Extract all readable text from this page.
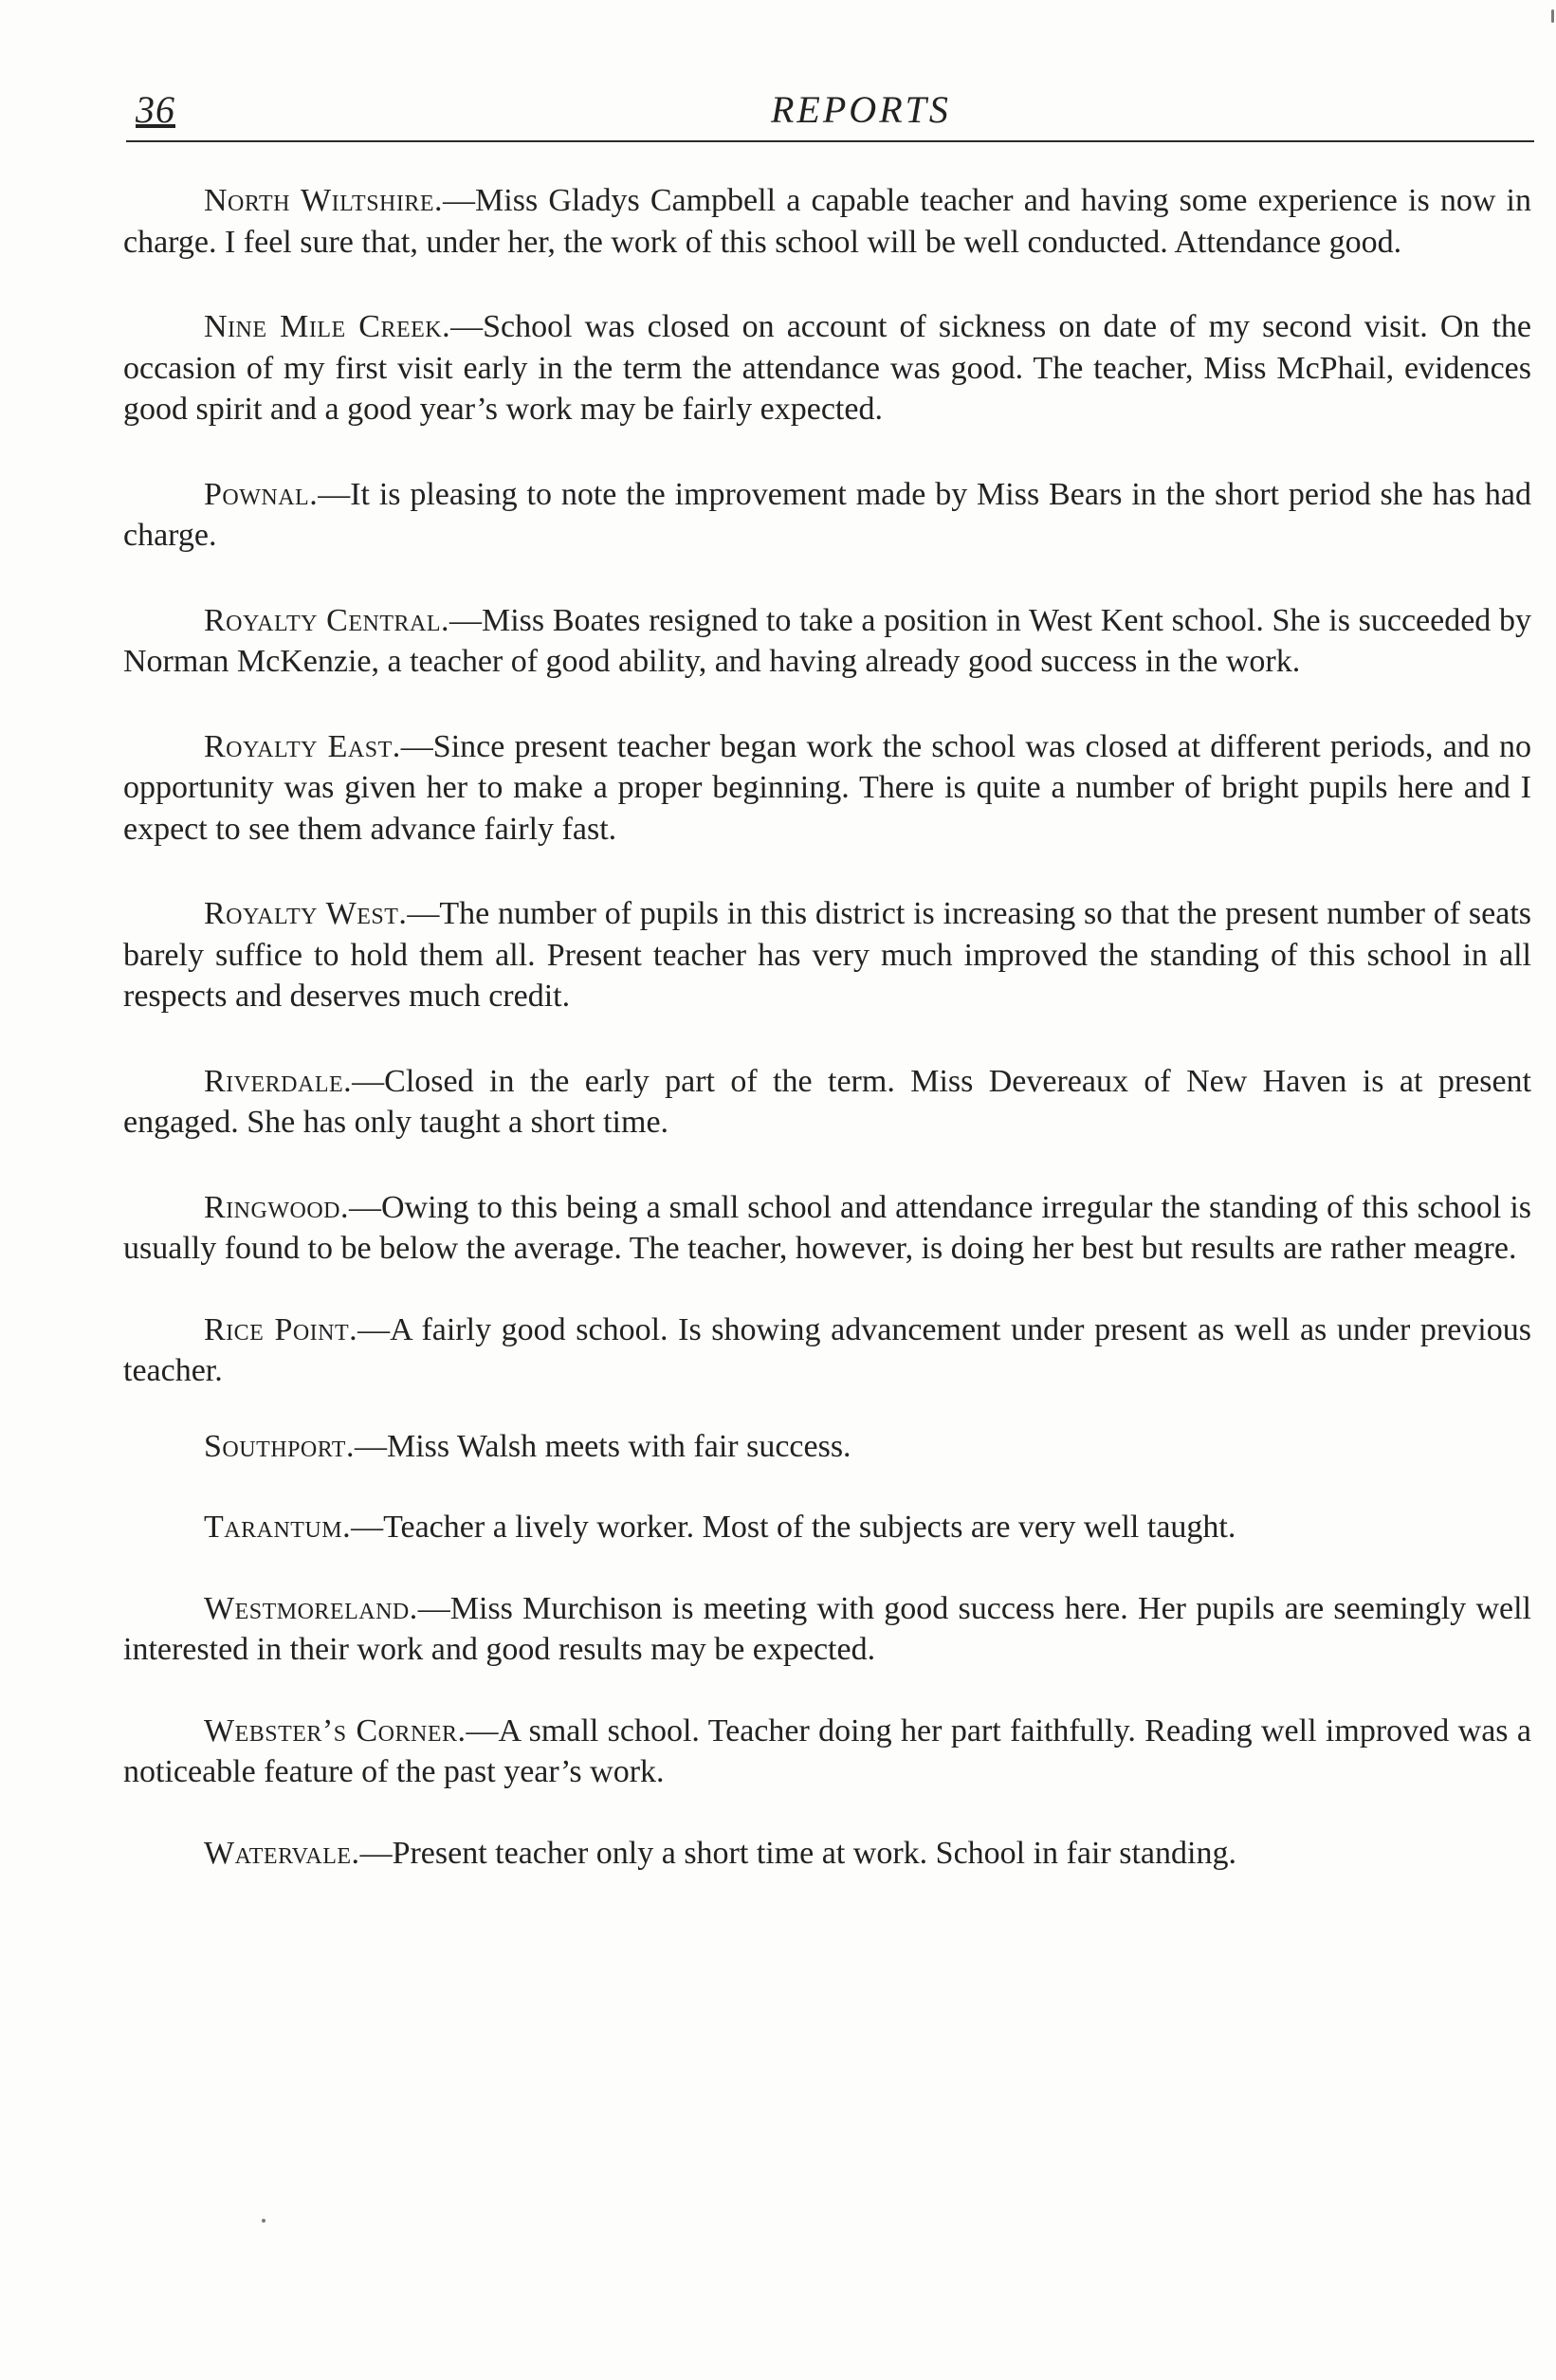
36	REPORTS

North Wiltshire.—Miss Gladys Campbell a capable teacher and having some experience is now in charge. I feel sure that, under her, the work of this school will be well conducted. Attendance good.

Nine Mile Creek.—School was closed on account of sickness on date of my second visit. On the occasion of my first visit early in the term the attendance was good. The teacher, Miss McPhail, evidences good spirit and a good year’s work may be fairly expected.

Pownal.—It is pleasing to note the improvement made by Miss Bears in the short period she has had charge.

Royalty Central.—Miss Boates resigned to take a position in West Kent school. She is succeeded by Norman McKenzie, a teacher of good ability, and having already good success in the work.

Royalty East.—Since present teacher began work the school was closed at different periods, and no opportunity was given her to make a proper beginning. There is quite a number of bright pupils here and I expect to see them advance fairly fast.

Royalty West.—The number of pupils in this district is increasing so that the present number of seats barely suffice to hold them all. Present teacher has very much improved the standing of this school in all respects and deserves much credit.

Riverdale.—Closed in the early part of the term. Miss Devereaux of New Haven is at present engaged. She has only taught a short time.

Ringwood.—Owing to this being a small school and attendance irregular the standing of this school is usually found to be below the average. The teacher, however, is doing her best but results are rather meagre.

Rice Point.—A fairly good school. Is showing advancement under present as well as under previous teacher.

Southport.—Miss Walsh meets with fair success.

Tarantum.—Teacher a lively worker. Most of the subjects are very well taught.

Westmoreland.—Miss Murchison is meeting with good success here. Her pupils are seemingly well interested in their work and good results may be expected.

Webster’s Corner.—A small school. Teacher doing her part faithfully. Reading well improved was a noticeable feature of the past year’s work.

Watervale.—Present teacher only a short time at work. School in fair standing.
